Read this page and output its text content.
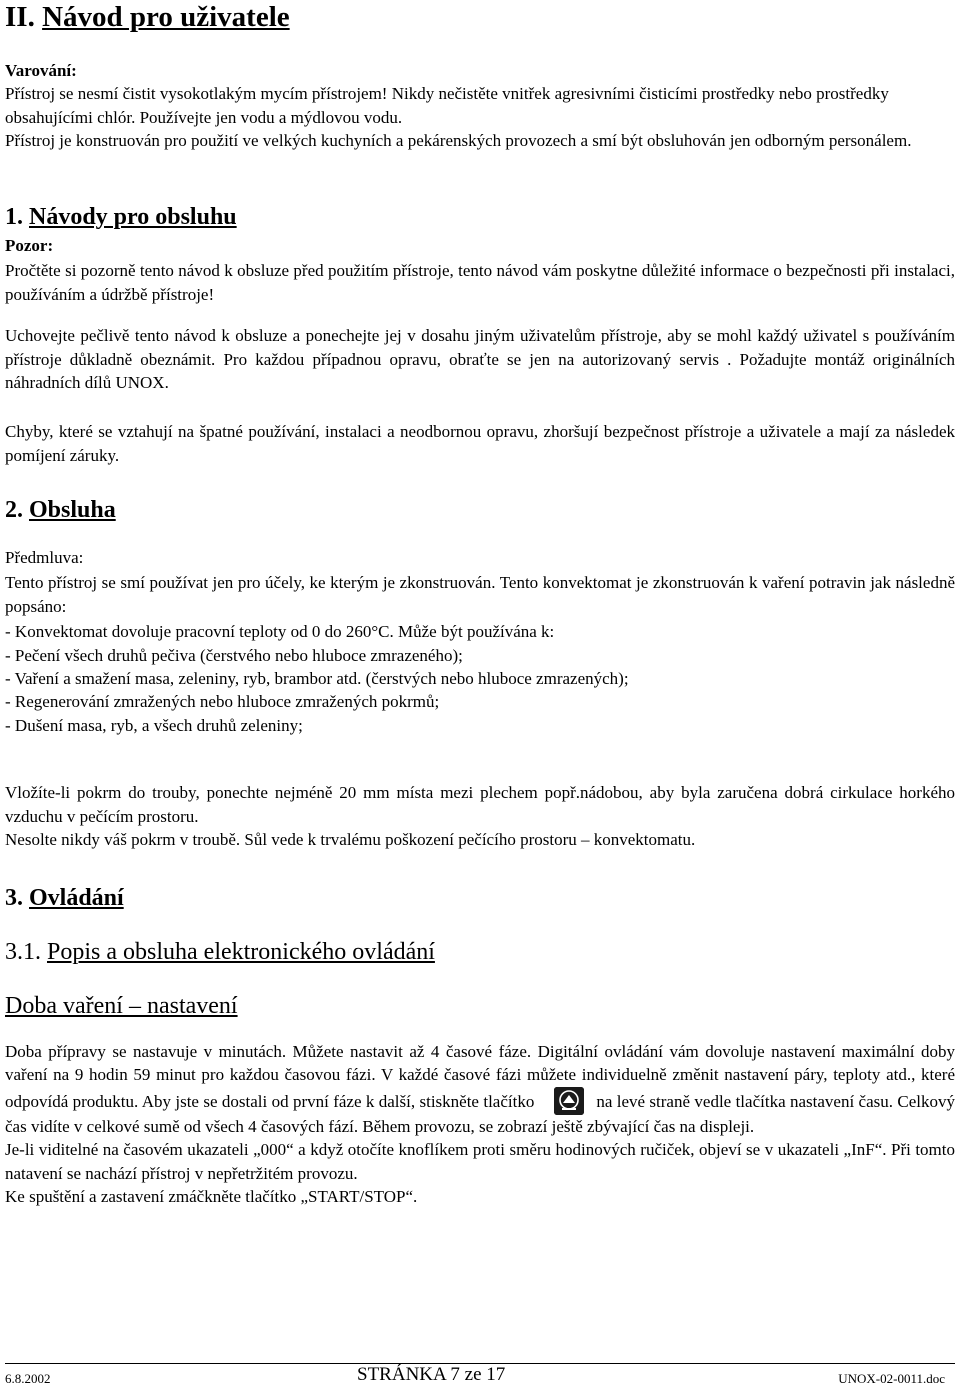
II. Návod pro uživatele

Varování:

Přístroj se nesmí čistit vysokotlakým mycím přístrojem! Nikdy nečistěte vnitřek agresivními čisticími prostředky nebo prostředky obsahujícími chlór. Používejte jen vodu a mýdlovou vodu.

Přístroj je konstruován pro použití ve velkých kuchyních a pekárenských provozech a smí být obsluhován jen odborným personálem.

1. Návody pro obsluhu

Pozor:

Pročtěte si pozorně tento návod k obsluze před použitím přístroje, tento návod vám poskytne důležité informace o bezpečnosti při instalaci, používáním a údržbě přístroje!

Uchovejte pečlivě tento návod k obsluze a ponechejte jej v dosahu jiným uživatelům přístroje, aby se mohl každý uživatel s používáním přístroje důkladně obeznámit. Pro každou případnou opravu, obraťte se jen na autorizovaný servis . Požadujte montáž originálních náhradních dílů UNOX.

Chyby, které se vztahují na špatné používání, instalaci a neodbornou opravu, zhoršují bezpečnost přístroje a uživatele a mají za následek pomíjení záruky.

2. Obsluha

Předmluva:

Tento přístroj se smí používat jen pro účely, ke kterým je zkonstruován. Tento konvektomat je zkonstruován k vaření potravin jak následně popsáno:

- Konvektomat dovoluje pracovní teploty od 0 do 260°C. Může být používána k:

- Pečení všech druhů pečiva (čerstvého nebo hluboce zmrazeného);

- Vaření a smažení masa, zeleniny, ryb, brambor atd. (čerstvých nebo hluboce zmrazených);

- Regenerování zmražených nebo hluboce zmražených pokrmů;

- Dušení masa, ryb, a všech druhů zeleniny;

Vložíte-li pokrm do trouby, ponechte nejméně 20 mm místa mezi plechem popř.nádobou, aby byla zaručena dobrá cirkulace horkého vzduchu v pečícím prostoru.

Nesolte nikdy váš pokrm v troubě. Sůl vede k trvalému poškození pečícího prostoru – konvektomatu.

3. Ovládání
3.1. Popis a obsluha elektronického ovládání
Doba vaření – nastavení

Doba přípravy se nastavuje v minutách. Můžete nastavit až 4 časové fáze. Digitální ovládání vám dovoluje nastavení maximální doby vaření na 9 hodin 59 minut pro každou časovou fázi. V každé časové fázi můžete individuelně změnit nastavení páry, teploty atd., které odpovídá produktu. Aby jste se dostali od první fáze k další, stiskněte tlačítko	na levé straně vedle tlačítka nastavení času. Celkový čas vidíte v celkové sumě od všech 4 časových fází. Během provozu, se zobrazí ještě zbývající čas na displeji.

Je-li viditelné na časovém ukazateli „000“ a když otočíte knoflíkem proti směru hodinových ručiček, objeví se v ukazateli „InF“. Při tomto natavení se nachází přístroj v nepřetržitém provozu.

Ke spuštění a zastavení zmáčkněte tlačítko „START/STOP“.

6.8.2002	STRÁNKA 7 ze 17	UNOX-02-0011.doc
